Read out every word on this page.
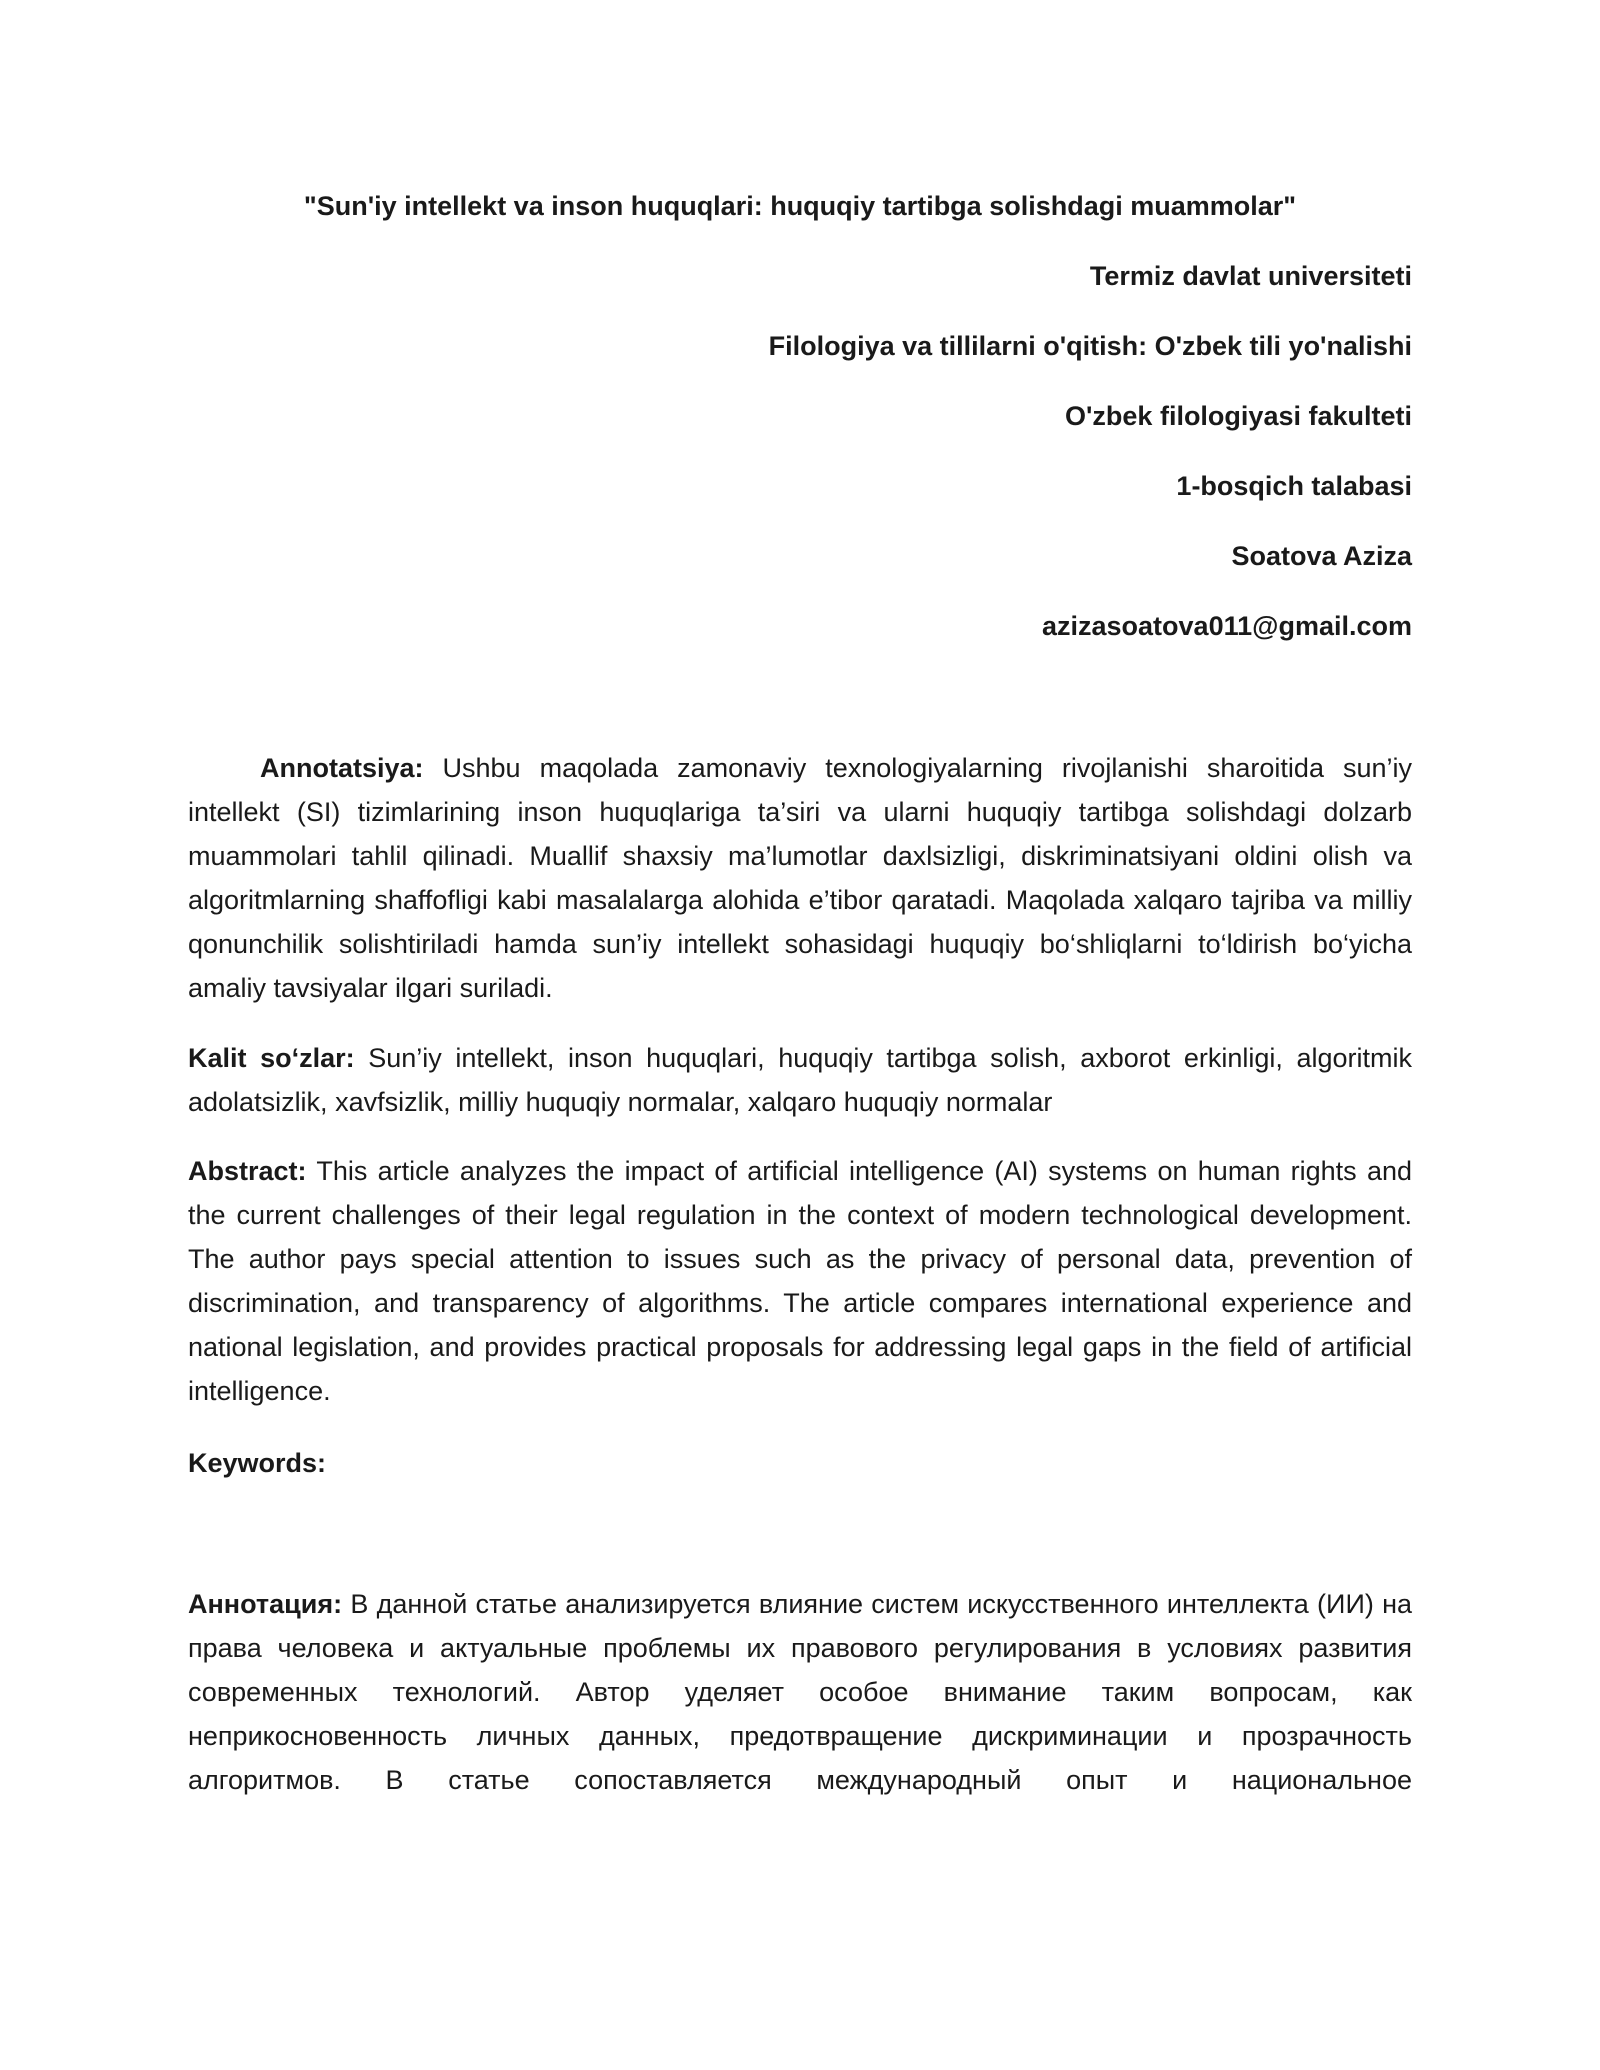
"Sun'iy intellekt va inson huquqlari: huquqiy tartibga solishdagi muammolar"
Termiz davlat universiteti
Filologiya va tillilarni o'qitish: O'zbek tili yo'nalishi
O'zbek filologiyasi fakulteti
1-bosqich talabasi
Soatova Aziza
azizasoatova011@gmail.com
Annotatsiya: Ushbu maqolada zamonaviy texnologiyalarning rivojlanishi sharoitida sun’iy intellekt (SI) tizimlarining inson huquqlariga ta’siri va ularni huquqiy tartibga solishdagi dolzarb muammolari tahlil qilinadi. Muallif shaxsiy ma’lumotlar daxlsizligi, diskriminatsiyani oldini olish va algoritmlarning shaffofligi kabi masalalarga alohida e’tibor qaratadi. Maqolada xalqaro tajriba va milliy qonunchilik solishtiriladi hamda sun’iy intellekt sohasidagi huquqiy bo‘shliqlarni to‘ldirish bo‘yicha amaliy tavsiyalar ilgari suriladi.
Kalit so‘zlar: Sun’iy intellekt, inson huquqlari, huquqiy tartibga solish, axborot erkinligi, algoritmik adolatsizlik, xavfsizlik, milliy huquqiy normalar, xalqaro huquqiy normalar
Abstract: This article analyzes the impact of artificial intelligence (AI) systems on human rights and the current challenges of their legal regulation in the context of modern technological development. The author pays special attention to issues such as the privacy of personal data, prevention of discrimination, and transparency of algorithms. The article compares international experience and national legislation, and provides practical proposals for addressing legal gaps in the field of artificial intelligence.
Keywords:
Аннотация: В данной статье анализируется влияние систем искусственного интеллекта (ИИ) на права человека и актуальные проблемы их правового регулирования в условиях развития современных технологий. Автор уделяет особое внимание таким вопросам, как неприкосновенность личных данных, предотвращение дискриминации и прозрачность алгоритмов. В статье сопоставляется международный опыт и национальное
